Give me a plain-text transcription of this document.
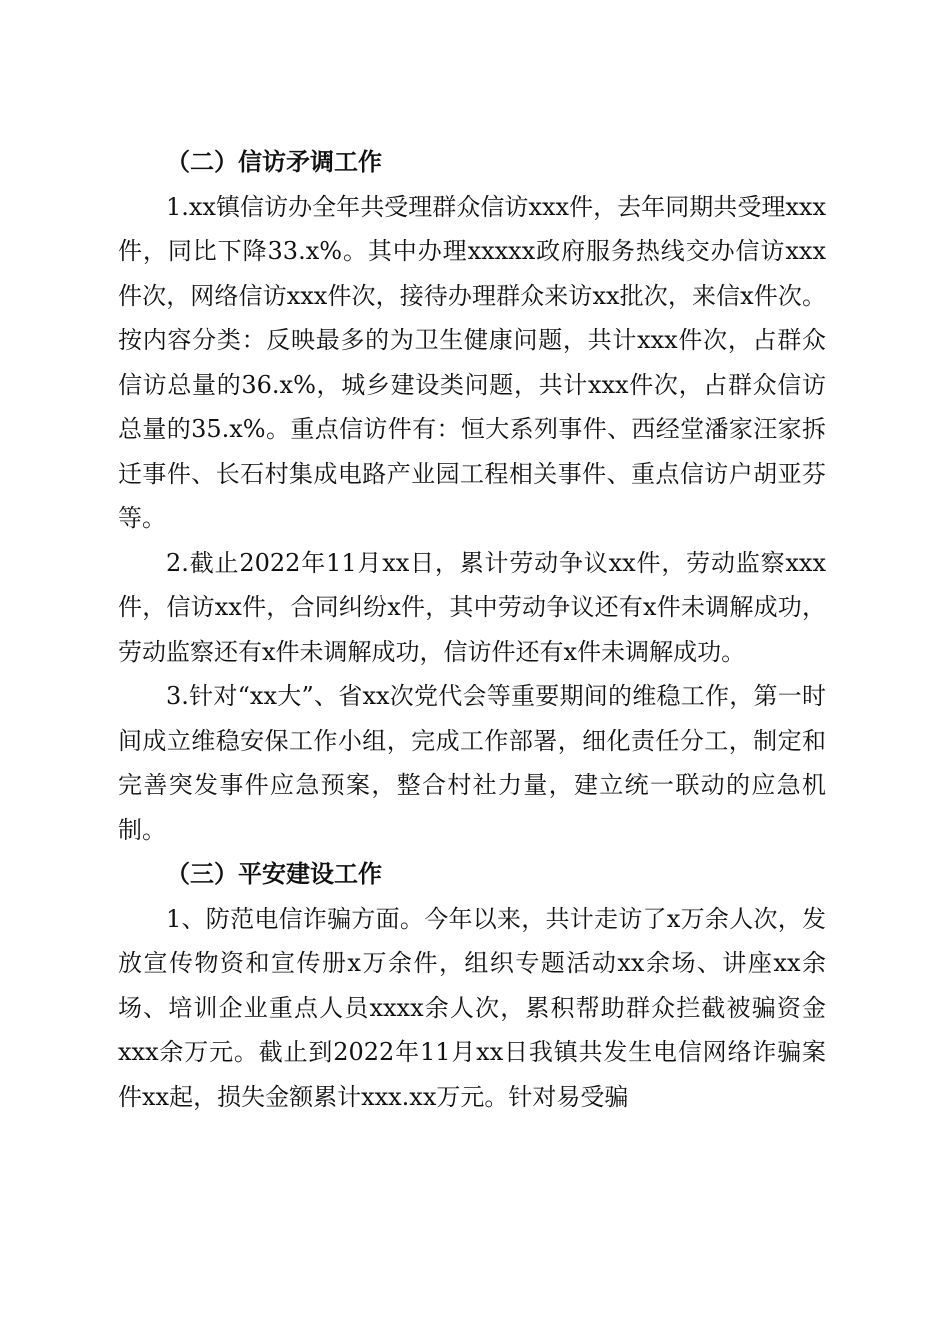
（二）信访矛调工作

1.xx镇信访办全年共受理群众信访xxx件，去年同期共受理xxx件，同比下降33.x%。其中办理xxxxx政府服务热线交办信访xxx件次，网络信访xxx件次，接待办理群众来访xx批次，来信x件次。按内容分类：反映最多的为卫生健康问题，共计xxx件次，占群众信访总量的36.x%，城乡建设类问题，共计xxx件次，占群众信访总量的35.x%。重点信访件有：恒大系列事件、西经堂潘家汪家拆迁事件、长石村集成电路产业园工程相关事件、重点信访户胡亚芬等。

2.截止2022年11月xx日，累计劳动争议xx件，劳动监察xxx件，信访xx件，合同纠纷x件，其中劳动争议还有x件未调解成功，劳动监察还有x件未调解成功，信访件还有x件未调解成功。

3.针对“xx大”、省xx次党代会等重要期间的维稳工作，第一时间成立维稳安保工作小组，完成工作部署，细化责任分工，制定和完善突发事件应急预案，整合村社力量，建立统一联动的应急机制。

（三）平安建设工作

1、防范电信诈骗方面。今年以来，共计走访了x万余人次，发放宣传物资和宣传册x万余件，组织专题活动xx余场、讲座xx余场、培训企业重点人员xxxx余人次，累积帮助群众拦截被骗资金xxx余万元。截止到2022年11月xx日我镇共发生电信网络诈骗案件xx起，损失金额累计xxx.xx万元。针对易受骗
